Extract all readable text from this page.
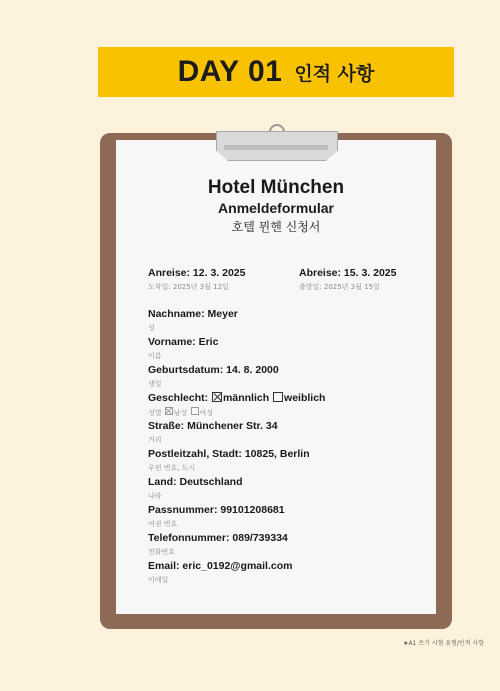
DAY 01 인적 사항
Hotel München
Anmeldeformular
호텔 뮌헨 신청서
Anreise: 12. 3. 2025
도착일: 2025년 3월 12일
Abreise: 15. 3. 2025
출발일: 2025년 3월 15일
Nachname: Meyer
성
Vorname: Eric
이름
Geburtsdatum: 14. 8. 2000
생일
Geschlecht: männlich weiblich
성별 남성 여성
Straße: Münchener Str. 34
거리
Postleitzahl, Stadt: 10825, Berlin
우편 번호, 도시
Land: Deutschland
나라
Passnummer: 99101208681
여권 번호
Telefonnummer: 089/739334
전화번호
Email: eric_0192@gmail.com
이메일
★A1 쓰기 시험 유형/인적 사항
